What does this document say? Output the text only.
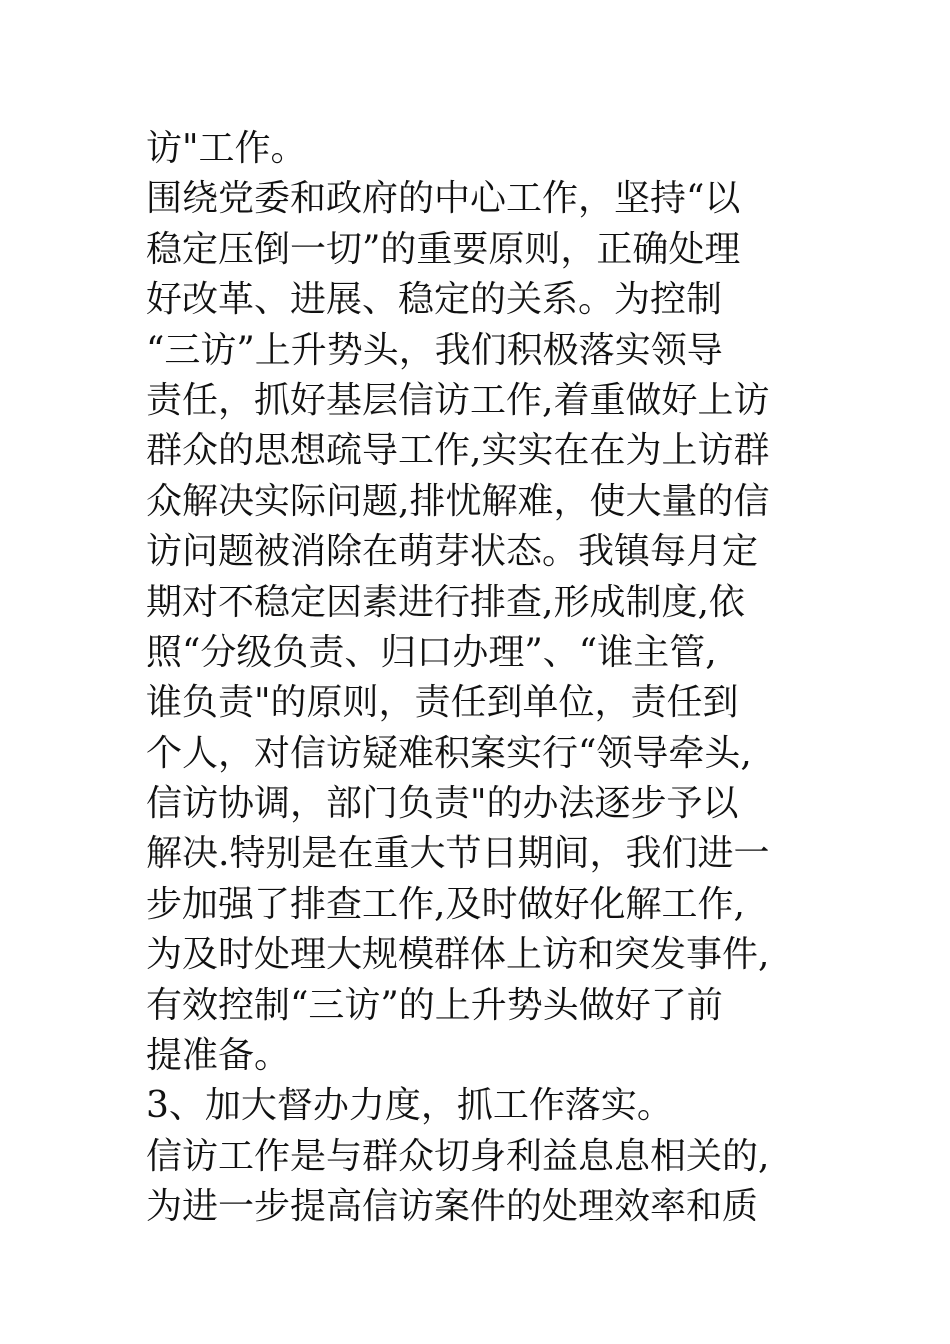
访"工作。
围绕党委和政府的中心工作，坚持“以
稳定压倒一切”的重要原则，正确处理
好改革、进展、稳定的关系。为控制
“三访”上升势头，我们积极落实领导
责任，抓好基层信访工作,着重做好上访
群众的思想疏导工作,实实在在为上访群
众解决实际问题,排忧解难，使大量的信
访问题被消除在萌芽状态。我镇每月定
期对不稳定因素进行排查,形成制度,依
照“分级负责、归口办理”、“谁主管,
谁负责"的原则，责任到单位，责任到
个人，对信访疑难积案实行“领导牵头,
信访协调，部门负责"的办法逐步予以
解决.特别是在重大节日期间，我们进一
步加强了排查工作,及时做好化解工作,
为及时处理大规模群体上访和突发事件,
有效控制“三访”的上升势头做好了前
提准备。
3、加大督办力度，抓工作落实。
信访工作是与群众切身利益息息相关的,
为进一步提高信访案件的处理效率和质
